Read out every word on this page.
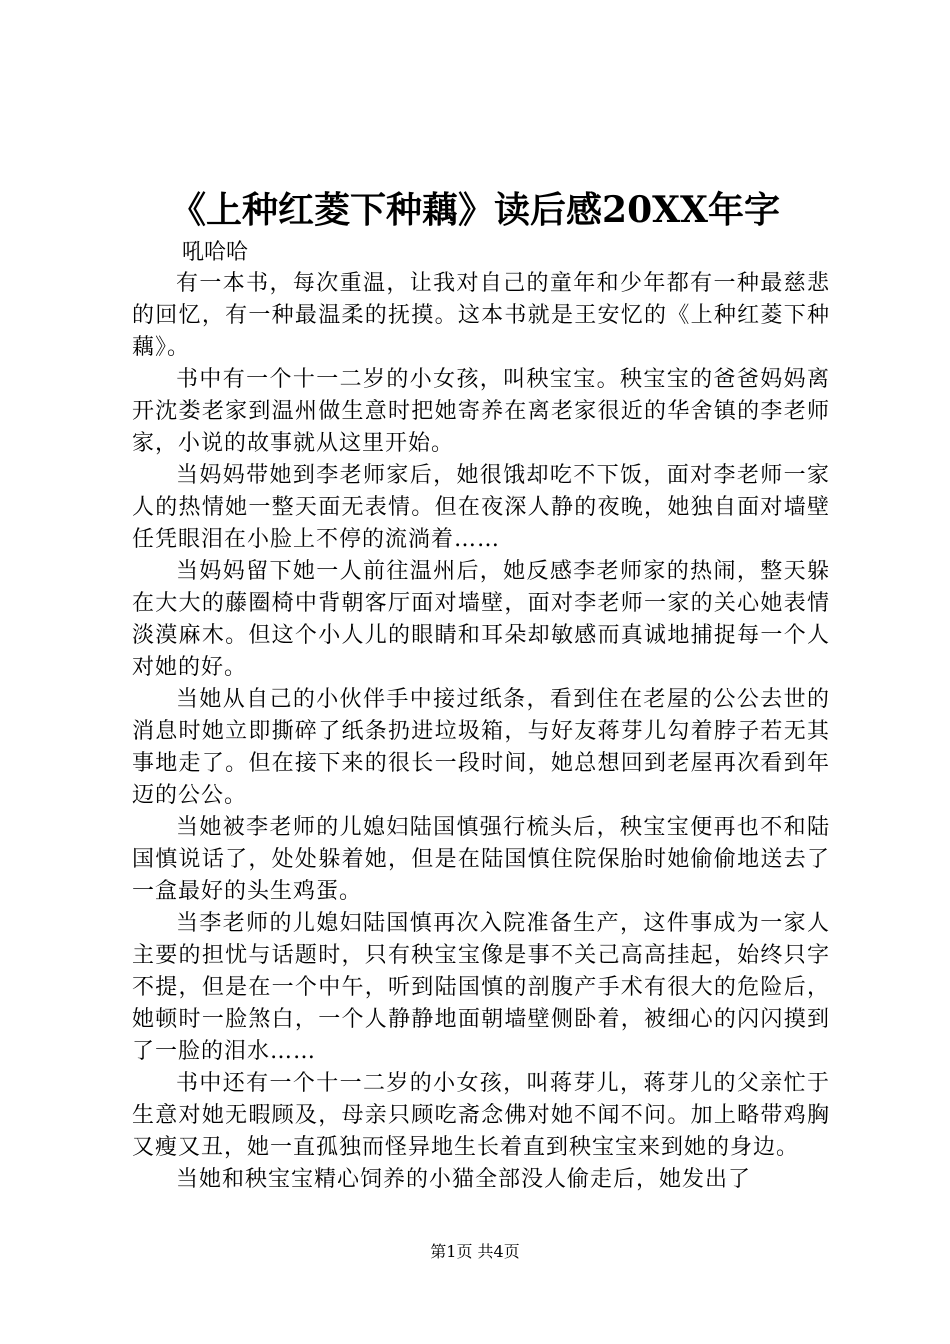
《上种红菱下种藕》读后感20XX年字

吼哈哈

有一本书，每次重温，让我对自己的童年和少年都有一种最慈悲的回忆，有一种最温柔的抚摸。这本书就是王安忆的《上种红菱下种藕》。

书中有一个十一二岁的小女孩，叫秧宝宝。秧宝宝的爸爸妈妈离开沈娄老家到温州做生意时把她寄养在离老家很近的华舍镇的李老师家，小说的故事就从这里开始。

当妈妈带她到李老师家后，她很饿却吃不下饭，面对李老师一家人的热情她一整天面无表情。但在夜深人静的夜晚，她独自面对墙壁任凭眼泪在小脸上不停的流淌着……

当妈妈留下她一人前往温州后，她反感李老师家的热闹，整天躲在大大的藤圈椅中背朝客厅面对墙壁，面对李老师一家的关心她表情淡漠麻木。但这个小人儿的眼睛和耳朵却敏感而真诚地捕捉每一个人对她的好。

当她从自己的小伙伴手中接过纸条，看到住在老屋的公公去世的消息时她立即撕碎了纸条扔进垃圾箱，与好友蒋芽儿勾着脖子若无其事地走了。但在接下来的很长一段时间，她总想回到老屋再次看到年迈的公公。

当她被李老师的儿媳妇陆国慎强行梳头后，秧宝宝便再也不和陆国慎说话了，处处躲着她，但是在陆国慎住院保胎时她偷偷地送去了一盒最好的头生鸡蛋。

当李老师的儿媳妇陆国慎再次入院准备生产，这件事成为一家人主要的担忧与话题时，只有秧宝宝像是事不关己高高挂起，始终只字不提，但是在一个中午，听到陆国慎的剖腹产手术有很大的危险后，她顿时一脸煞白，一个人静静地面朝墙壁侧卧着，被细心的闪闪摸到了一脸的泪水……

书中还有一个十一二岁的小女孩，叫蒋芽儿，蒋芽儿的父亲忙于生意对她无暇顾及，母亲只顾吃斋念佛对她不闻不问。加上略带鸡胸又瘦又丑，她一直孤独而怪异地生长着直到秧宝宝来到她的身边。

当她和秧宝宝精心饲养的小猫全部没人偷走后，她发出了

第1页 共4页
